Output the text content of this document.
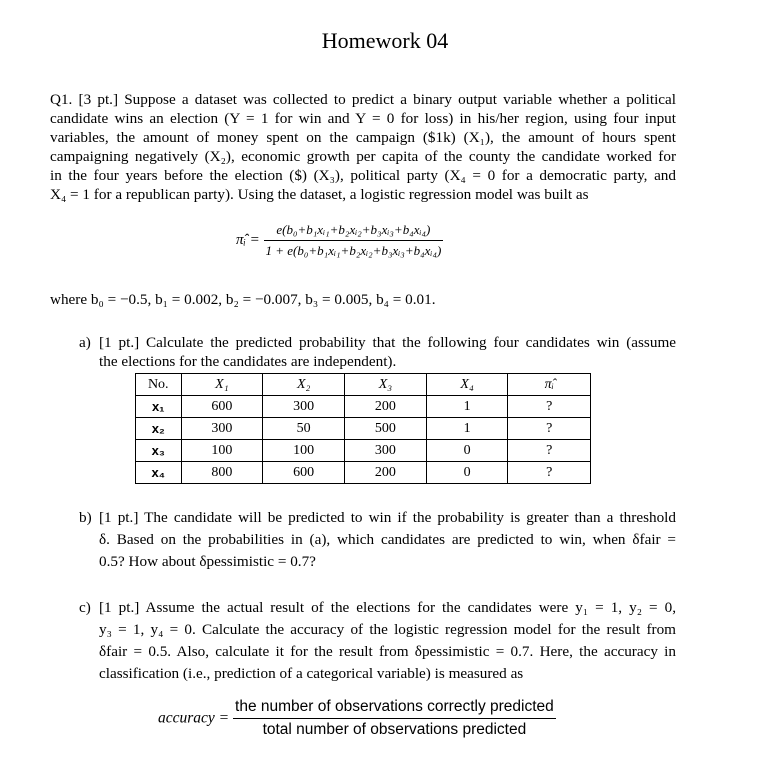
Homework 04
Q1. [3 pt.] Suppose a dataset was collected to predict a binary output variable whether a political
candidate wins an election (Y = 1 for win and Y = 0 for loss) in his/her region, using four input
variables, the amount of money spent on the campaign ($1k) (X₁), the amount of hours spent
campaigning negatively (X₂), economic growth per capita of the county the candidate worked for
in the four years before the election ($) (X₃), political party (X₄ = 0 for a democratic party, and
X₄ = 1 for a republican party). Using the dataset, a logistic regression model was built as
π̂ᵢ = $\frac{\text{e(b₀+b₁xᵢ₁+b₂xᵢ₂+b₃xᵢ₃+b₄xᵢ₄)}}{\text{1 + e(b₀+b₁xᵢ₁+b₂xᵢ₂+b₃xᵢ₃+b₄xᵢ₄)}}$
where b₀ = −0.5, b₁ = 0.002, b₂ = −0.007, b₃ = 0.005, b₄ = 0.01.
a) [1 pt.] Calculate the predicted probability that the following four candidates win (assume
the elections for the candidates are independent).
No.	X₁	X₂	X₃	X₄	π̂ᵢ
x₁	600	300	200	1	?
x₂	300	50	500	1	?
x₃	100	100	300	0	?
x₄	800	600	200	0	?
b) [1 pt.] The candidate will be predicted to win if the probability is greater than a threshold
δ. Based on the probabilities in (a), which candidates are predicted to win, when δfair =
0.5? How about δpessimistic = 0.7?
c) [1 pt.] Assume the actual result of the elections for the candidates were y₁ = 1, y₂ = 0,
y₃ = 1, y₄ = 0. Calculate the accuracy of the logistic regression model for the result from
δfair = 0.5. Also, calculate it for the result from δpessimistic = 0.7. Here, the accuracy in
classification (i.e., prediction of a categorical variable) is measured as
accuracy = $\frac{\text{the number of observations correctly predicted}}{\text{total number of observations predicted}}$
